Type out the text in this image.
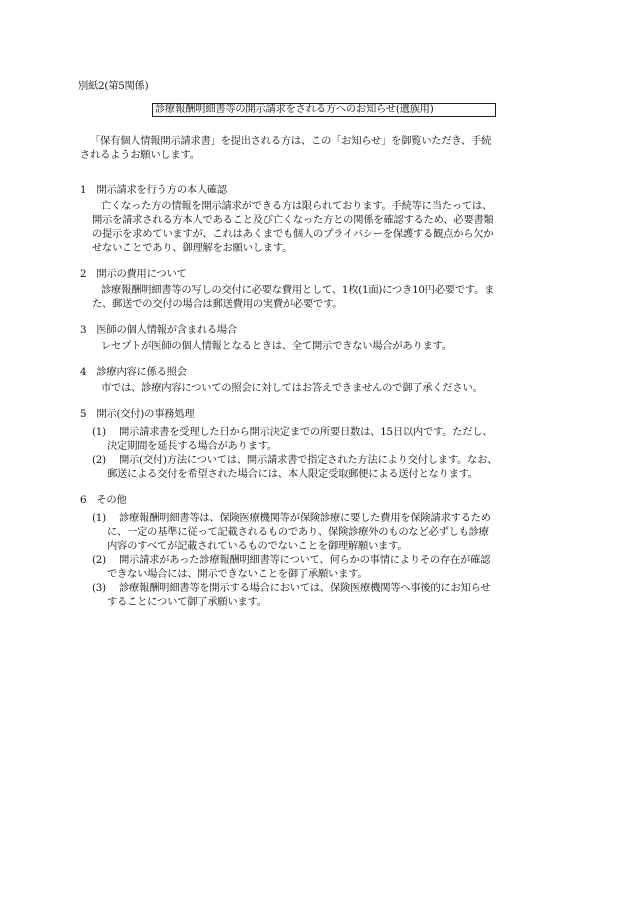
別紙2(第5関係)
診療報酬明細書等の開示請求をされる方へのお知らせ(遺族用)
「保有個人情報開示請求書」を提出される方は、この「お知らせ」を御覧いただき、手続
されるようお願いします。
1　開示請求を行う方の本人確認
亡くなった方の情報を開示請求ができる方は限られております。手続等に当たっては、
開示を請求される方本人であること及び亡くなった方との関係を確認するため、必要書類
の提示を求めていますが、これはあくまでも個人のプライバシーを保護する観点から欠か
せないことであり、御理解をお願いします。
2　開示の費用について
診療報酬明細書等の写しの交付に必要な費用として、1枚(1面)につき10円必要です。ま
た、郵送での交付の場合は郵送費用の実費が必要です。
3　医師の個人情報が含まれる場合
レセプトが医師の個人情報となるときは、全て開示できない場合があります。
4　診療内容に係る照会
市では、診療内容についての照会に対してはお答えできませんので御了承ください。
5　開示(交付)の事務処理
(1) 開示請求書を受理した日から開示決定までの所要日数は、15日以内です。ただし、
決定期間を延長する場合があります。
(2) 開示(交付)方法については、開示請求書で指定された方法により交付します。なお、
郵送による交付を希望された場合には、本人限定受取郵便による送付となります。
6　その他
(1) 診療報酬明細書等は、保険医療機関等が保険診療に要した費用を保険請求するため
に、一定の基準に従って記載されるものであり、保険診療外のものなど必ずしも診療
内容のすべてが記載されているものでないことを御理解願います。
(2) 開示請求があった診療報酬明細書等について、何らかの事情によりその存在が確認
できない場合には、開示できないことを御了承願います。
(3) 診療報酬明細書等を開示する場合においては、保険医療機関等へ事後的にお知らせ
することについて御了承願います。
